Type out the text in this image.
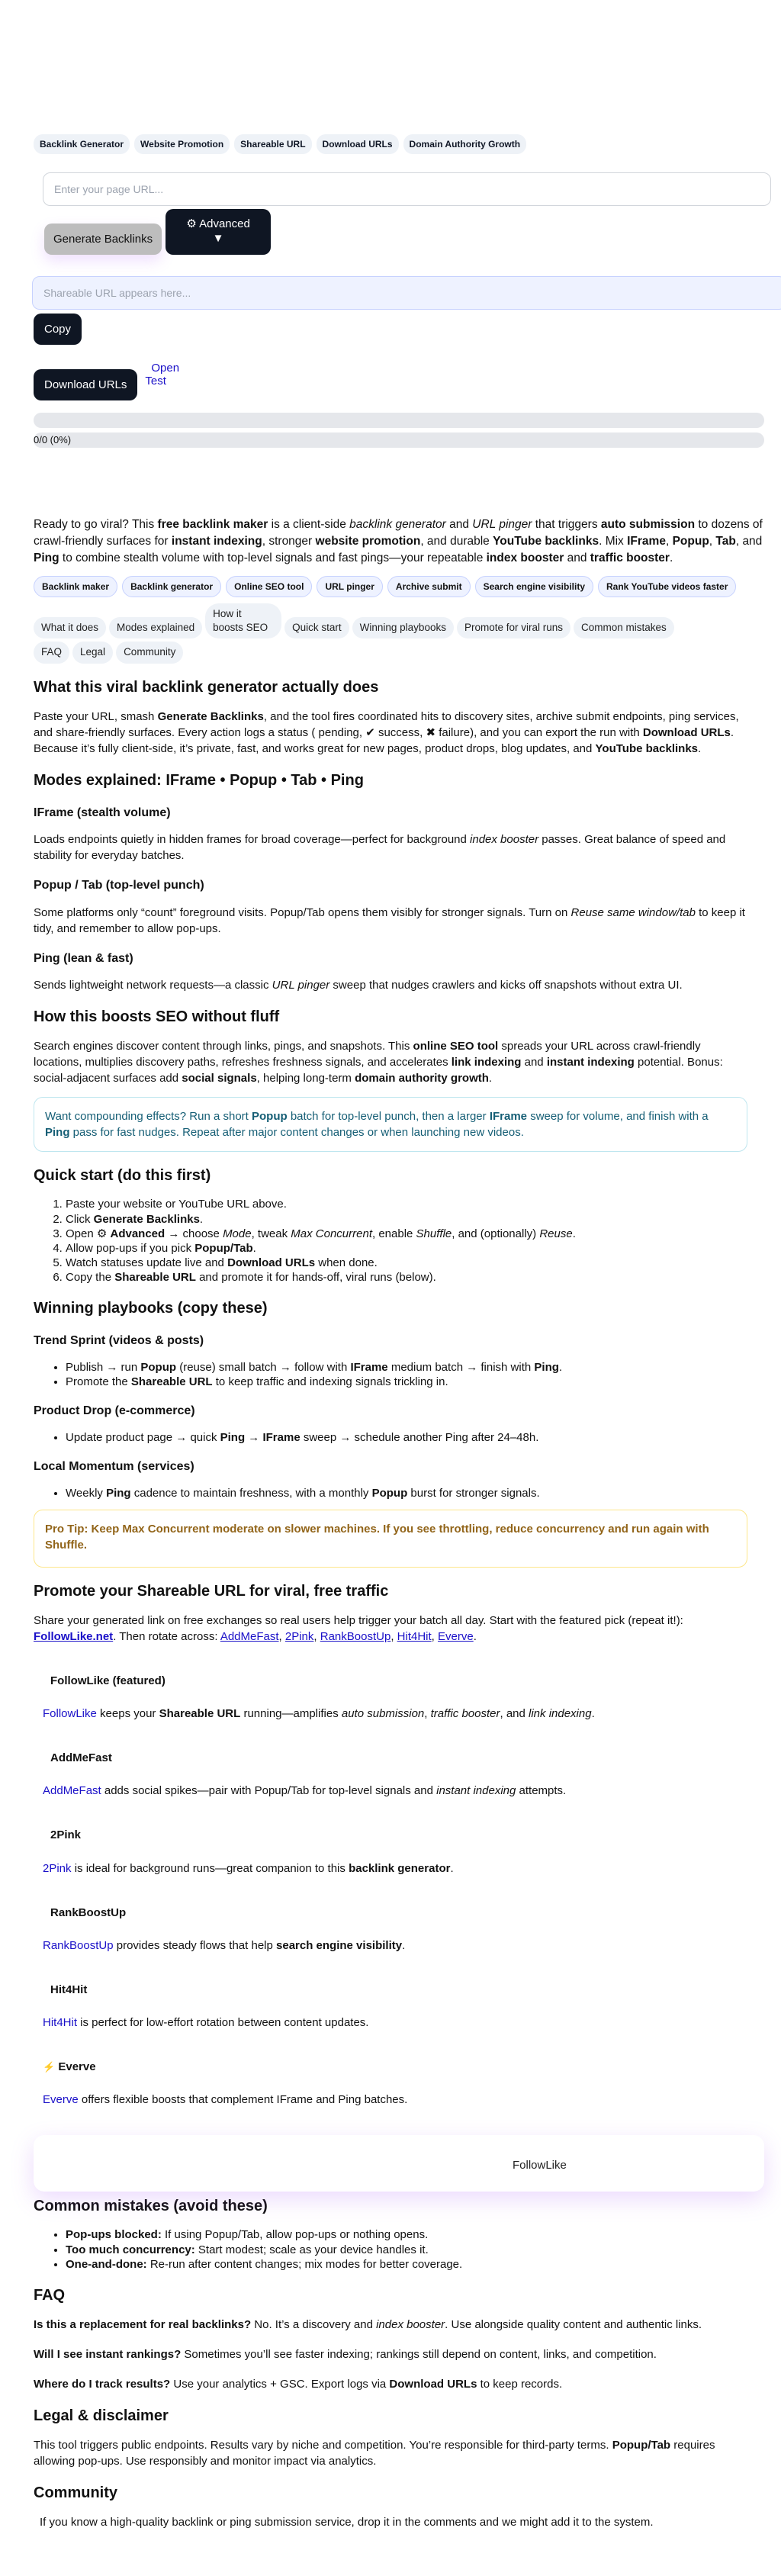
Backlink Generator	Website Promotion	Shareable URL	Download URLs	Domain Authority Growth
Enter your page URL...
Generate Backlinks
⚙ Advanced
▼
Shareable URL appears here...
Copy
Download URLs
Open
Test
0/0 (0%)

Ready to go viral? This free backlink maker is a client-side backlink generator and URL pinger that triggers auto submission to dozens of crawl-friendly surfaces for instant indexing, stronger website promotion, and durable YouTube backlinks. Mix IFrame, Popup, Tab, and Ping to combine stealth volume with top-level signals and fast pings—your repeatable index booster and traffic booster.

Backlink maker	Backlink generator	Online SEO tool	URL pinger	Archive submit	Search engine visibility	Rank YouTube videos faster
What it does	Modes explained
How it boosts SEO	Quick start	Winning playbooks	Promote for viral runs	Common mistakes
FAQ	Legal	Community
What this viral backlink generator actually does

Paste your URL, smash Generate Backlinks, and the tool fires coordinated hits to discovery sites, archive submit endpoints, ping services, and share-friendly surfaces. Every action logs a status ( pending, ✔ success, ✖ failure), and you can export the run with Download URLs. Because it’s fully client-side, it’s private, fast, and works great for new pages, product drops, blog updates, and YouTube backlinks.

Modes explained: IFrame • Popup • Tab • Ping
IFrame (stealth volume)

Loads endpoints quietly in hidden frames for broad coverage—perfect for background index booster passes. Great balance of speed and stability for everyday batches.

Popup / Tab (top-level punch)

Some platforms only “count” foreground visits. Popup/Tab opens them visibly for stronger signals. Turn on Reuse same window/tab to keep it tidy, and remember to allow pop-ups.

Ping (lean & fast)

Sends lightweight network requests—a classic URL pinger sweep that nudges crawlers and kicks off snapshots without extra UI.

How this boosts SEO without fluff

Search engines discover content through links, pings, and snapshots. This online SEO tool spreads your URL across crawl-friendly locations, multiplies discovery paths, refreshes freshness signals, and accelerates link indexing and instant indexing potential. Bonus: social-adjacent surfaces add social signals, helping long-term domain authority growth.

Want compounding effects? Run a short Popup batch for top-level punch, then a larger IFrame sweep for volume, and finish with a Ping pass for fast nudges. Repeat after major content changes or when launching new videos.
Quick start (do this first)
1. Paste your website or YouTube URL above.
2. Click Generate Backlinks.
3. Open ⚙ Advanced → choose Mode, tweak Max Concurrent, enable Shuffle, and (optionally) Reuse.
4. Allow pop-ups if you pick Popup/Tab.
5. Watch statuses update live and Download URLs when done.
6. Copy the Shareable URL and promote it for hands-off, viral runs (below).
Winning playbooks (copy these)
Trend Sprint (videos & posts)
• Publish → run Popup (reuse) small batch → follow with IFrame medium batch → finish with Ping.
• Promote the Shareable URL to keep traffic and indexing signals trickling in.
Product Drop (e-commerce)
• Update product page → quick Ping → IFrame sweep → schedule another Ping after 24–48h.
Local Momentum (services)
• Weekly Ping cadence to maintain freshness, with a monthly Popup burst for stronger signals.
Pro Tip: Keep Max Concurrent moderate on slower machines. If you see throttling, reduce concurrency and run again with Shuffle.
Promote your Shareable URL for viral, free traffic

Share your generated link on free exchanges so real users help trigger your batch all day. Start with the featured pick (repeat it!): FollowLike.net. Then rotate across: AddMeFast, 2Pink, RankBoostUp, Hit4Hit, Everve.

FollowLike (featured)

FollowLike keeps your Shareable URL running—amplifies auto submission, traffic booster, and link indexing.

AddMeFast

AddMeFast adds social spikes—pair with Popup/Tab for top-level signals and instant indexing attempts.

2Pink

2Pink is ideal for background runs—great companion to this backlink generator.

RankBoostUp

RankBoostUp provides steady flows that help search engine visibility.

Hit4Hit

Hit4Hit is perfect for low-effort rotation between content updates.

⚡ Everve

Everve offers flexible boosts that complement IFrame and Ping batches.

FollowLike
Common mistakes (avoid these)
• Pop-ups blocked: If using Popup/Tab, allow pop-ups or nothing opens.
• Too much concurrency: Start modest; scale as your device handles it.
• One-and-done: Re-run after content changes; mix modes for better coverage.
FAQ

Is this a replacement for real backlinks? No. It’s a discovery and index booster. Use alongside quality content and authentic links.

Will I see instant rankings? Sometimes you’ll see faster indexing; rankings still depend on content, links, and competition.

Where do I track results? Use your analytics + GSC. Export logs via Download URLs to keep records.

Legal & disclaimer

This tool triggers public endpoints. Results vary by niche and competition. You’re responsible for third-party terms. Popup/Tab requires allowing pop-ups. Use responsibly and monitor impact via analytics.

Community

If you know a high-quality backlink or ping submission service, drop it in the comments and we might add it to the system.
